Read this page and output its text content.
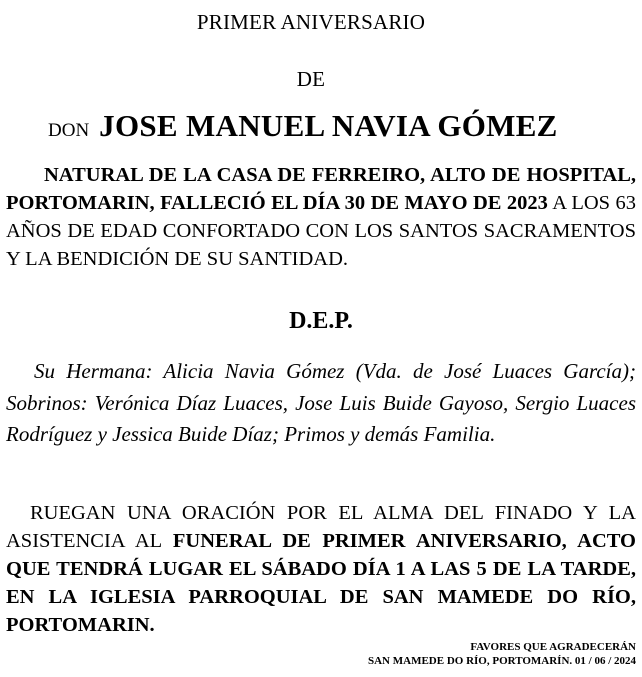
PRIMER ANIVERSARIO
DE
DON JOSE MANUEL NAVIA GÓMEZ

NATURAL DE LA CASA DE FERREIRO, ALTO DE HOSPITAL, PORTOMARIN, FALLECIÓ EL DÍA 30 DE MAYO DE 2023 A LOS 63 AÑOS DE EDAD CONFORTADO CON LOS SANTOS SACRAMENTOS Y LA BENDICIÓN DE SU SANTIDAD.

D.E.P.

Su Hermana: Alicia Navia Gómez (Vda. de José Luaces García); Sobrinos: Verónica Díaz Luaces, Jose Luis Buide Gayoso, Sergio Luaces Rodríguez y Jessica Buide Díaz; Primos y demás Familia.

RUEGAN UNA ORACIÓN POR EL ALMA DEL FINADO Y LA ASISTENCIA AL FUNERAL DE PRIMER ANIVERSARIO, ACTO QUE TENDRÁ LUGAR EL SÁBADO DÍA 1 A LAS 5 DE LA TARDE, EN LA IGLESIA PARROQUIAL DE SAN MAMEDE DO RÍO, PORTOMARIN.

FAVORES QUE AGRADECERÁN
SAN MAMEDE DO RÍO, PORTOMARÍN. 01 / 06 / 2024
